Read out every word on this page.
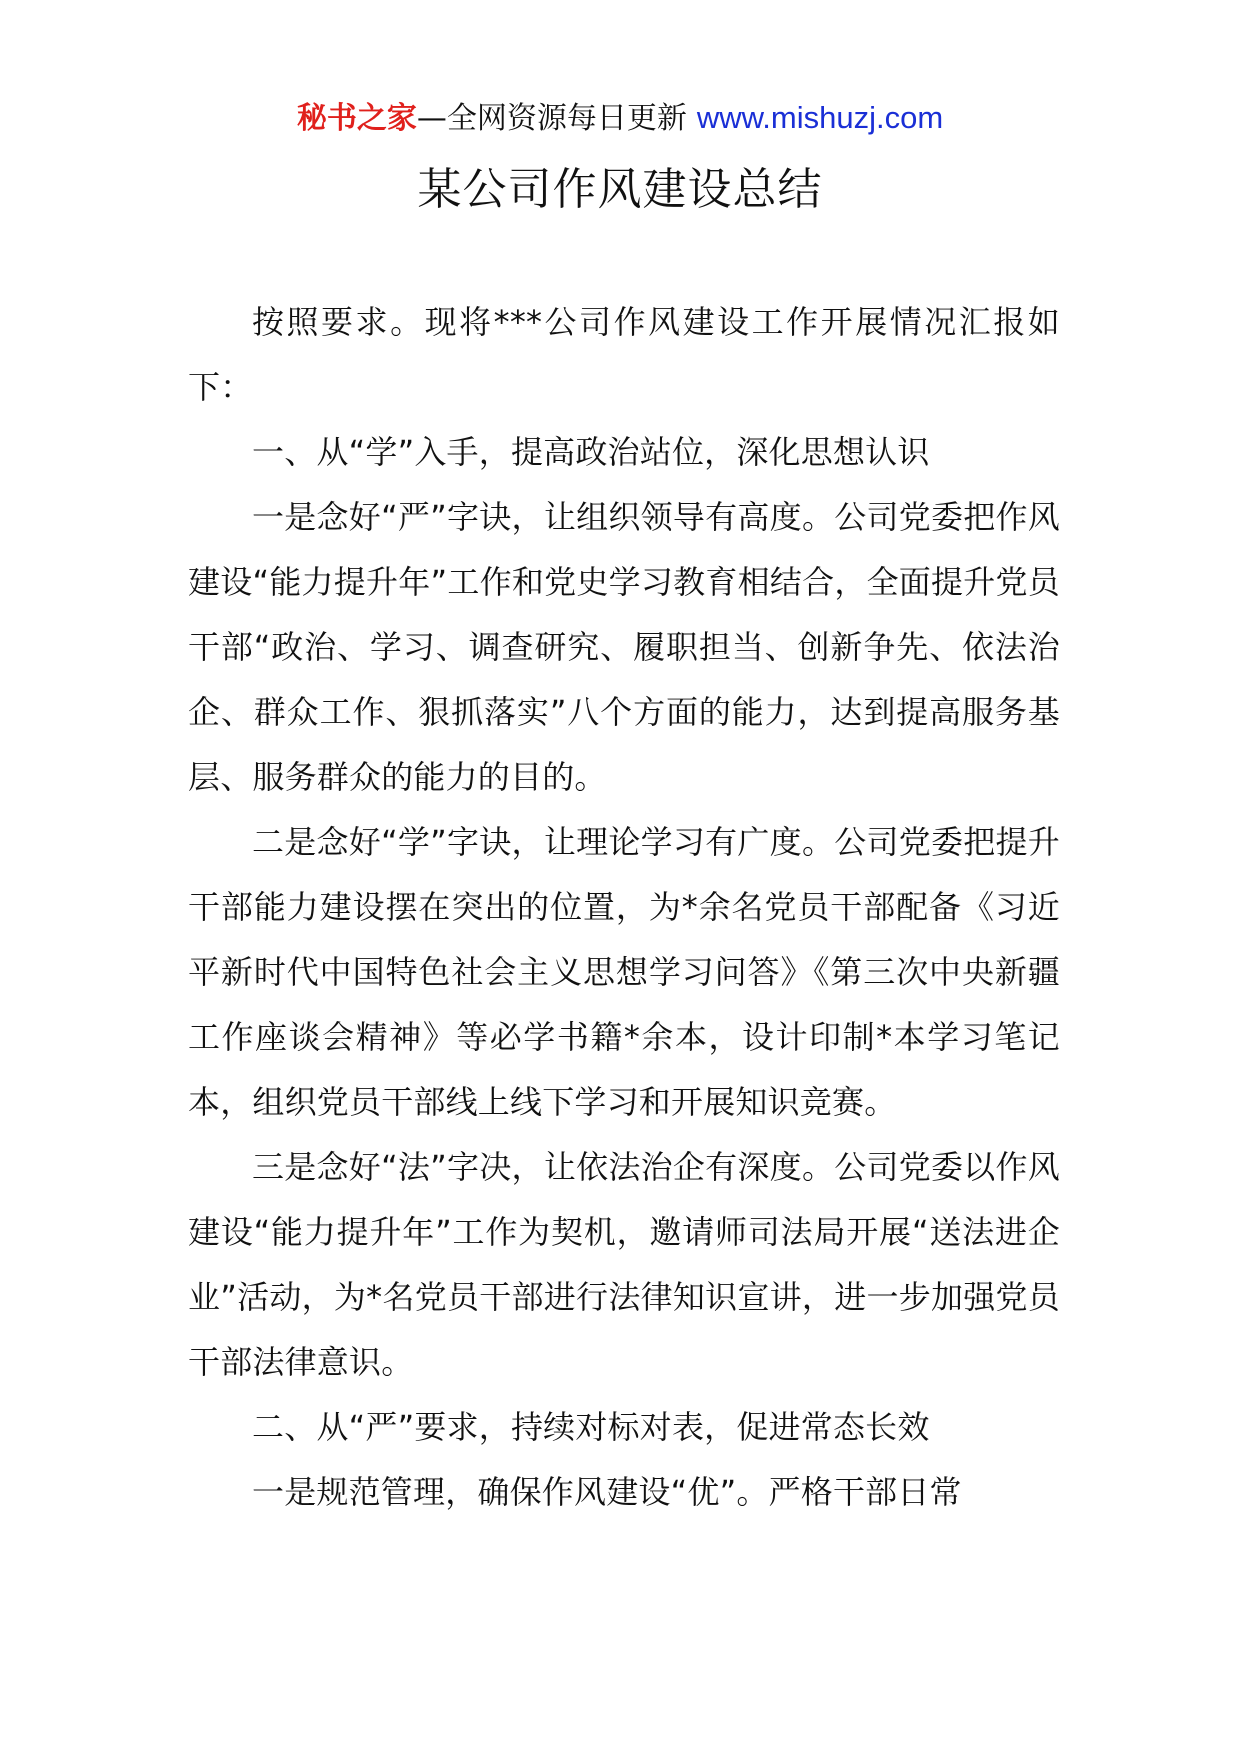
秘书之家—全网资源每日更新 www.mishuzj.com
某公司作风建设总结

按照要求。现将***公司作风建设工作开展情况汇报如下：

一、从“学”入手，提高政治站位，深化思想认识

一是念好“严”字诀，让组织领导有高度。公司党委把作风建设“能力提升年”工作和党史学习教育相结合，全面提升党员干部“政治、学习、调查研究、履职担当、创新争先、依法治企、群众工作、狠抓落实”八个方面的能力，达到提高服务基层、服务群众的能力的目的。

二是念好“学”字诀，让理论学习有广度。公司党委把提升干部能力建设摆在突出的位置，为*余名党员干部配备《习近平新时代中国特色社会主义思想学习问答》《第三次中央新疆工作座谈会精神》等必学书籍*余本，设计印制*本学习笔记本，组织党员干部线上线下学习和开展知识竞赛。

三是念好“法”字决，让依法治企有深度。公司党委以作风建设“能力提升年”工作为契机，邀请师司法局开展“送法进企业”活动，为*名党员干部进行法律知识宣讲，进一步加强党员干部法律意识。

二、从“严”要求，持续对标对表，促进常态长效

一是规范管理，确保作风建设“优”。严格干部日常
